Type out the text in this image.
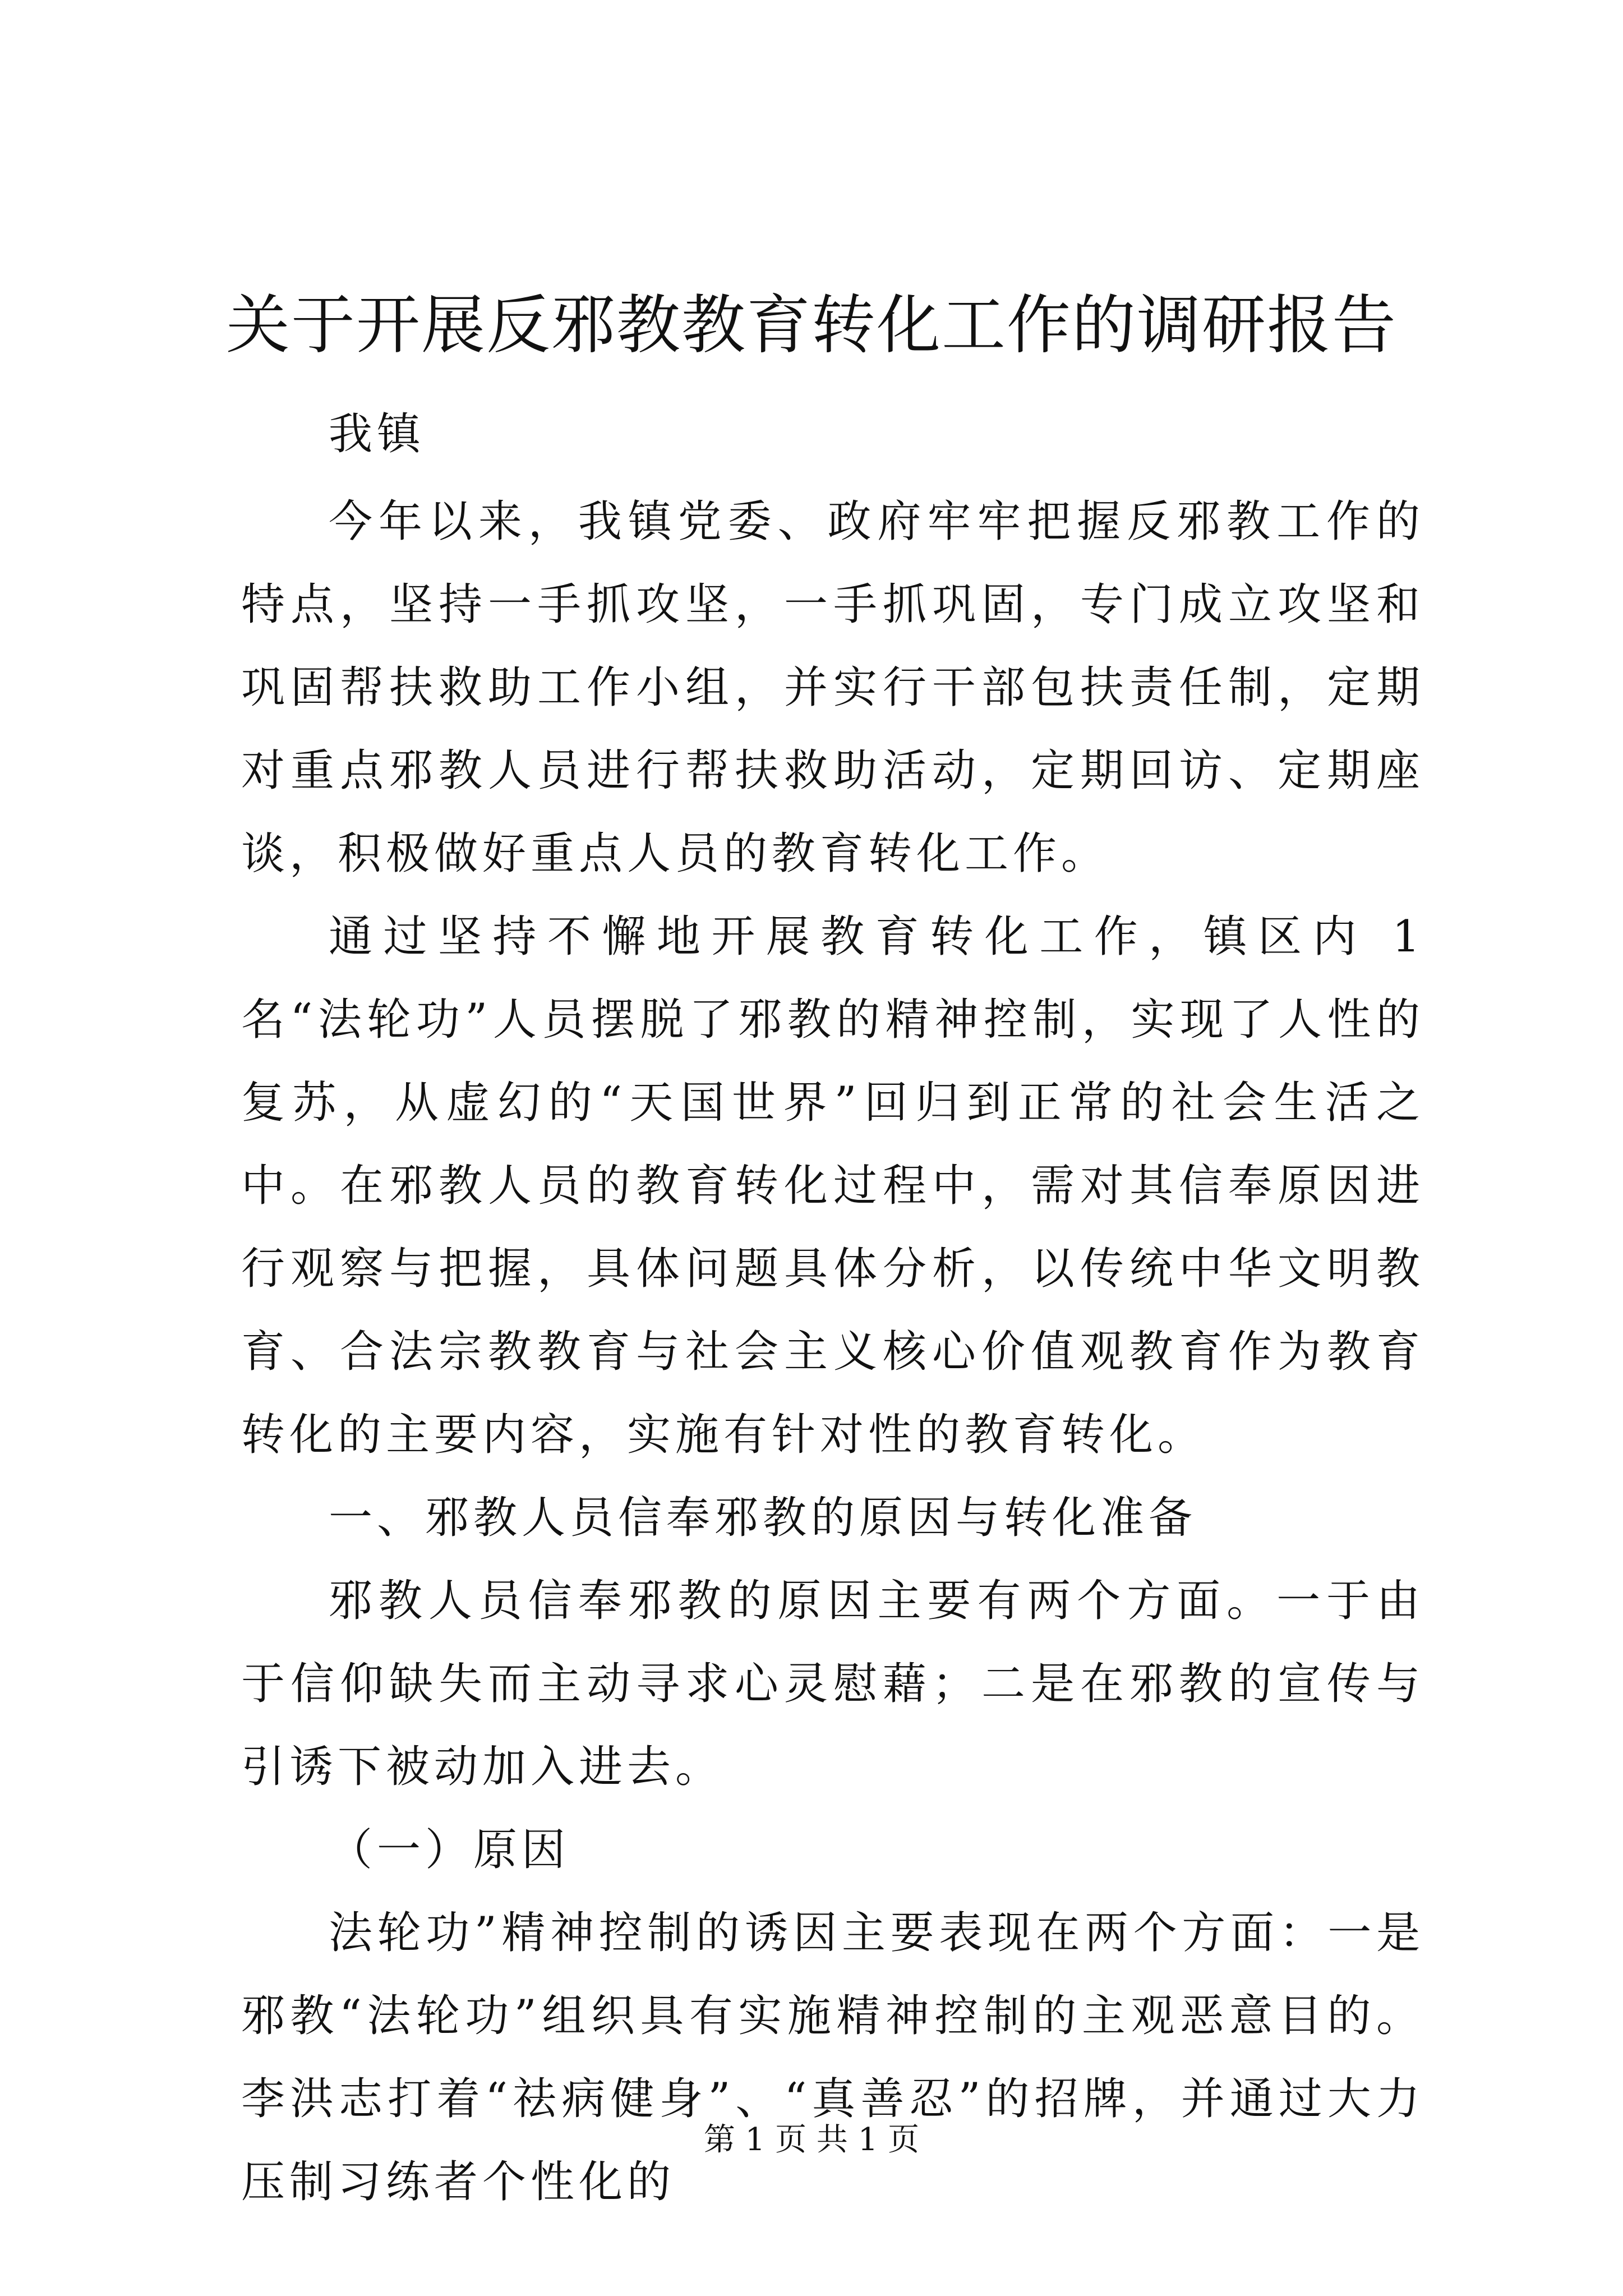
关于开展反邪教教育转化工作的调研报告

我镇

今年以来，我镇党委、政府牢牢把握反邪教工作的特点，坚持一手抓攻坚，一手抓巩固，专门成立攻坚和巩固帮扶救助工作小组，并实行干部包扶责任制，定期对重点邪教人员进行帮扶救助活动，定期回访、定期座谈，积极做好重点人员的教育转化工作。

通过坚持不懈地开展教育转化工作，镇区内 1 名“法轮功”人员摆脱了邪教的精神控制，实现了人性的复苏，从虚幻的“天国世界”回归到正常的社会生活之中。在邪教人员的教育转化过程中，需对其信奉原因进行观察与把握，具体问题具体分析，以传统中华文明教育、合法宗教教育与社会主义核心价值观教育作为教育转化的主要内容，实施有针对性的教育转化。

一、邪教人员信奉邪教的原因与转化准备

邪教人员信奉邪教的原因主要有两个方面。一于由于信仰缺失而主动寻求心灵慰藉；二是在邪教的宣传与引诱下被动加入进去。

（一）原因

法轮功”精神控制的诱因主要表现在两个方面：一是邪教“法轮功”组织具有实施精神控制的主观恶意目的。李洪志打着“祛病健身”、“真善忍”的招牌，并通过大力压制习练者个性化的

第 1 页 共 1 页
